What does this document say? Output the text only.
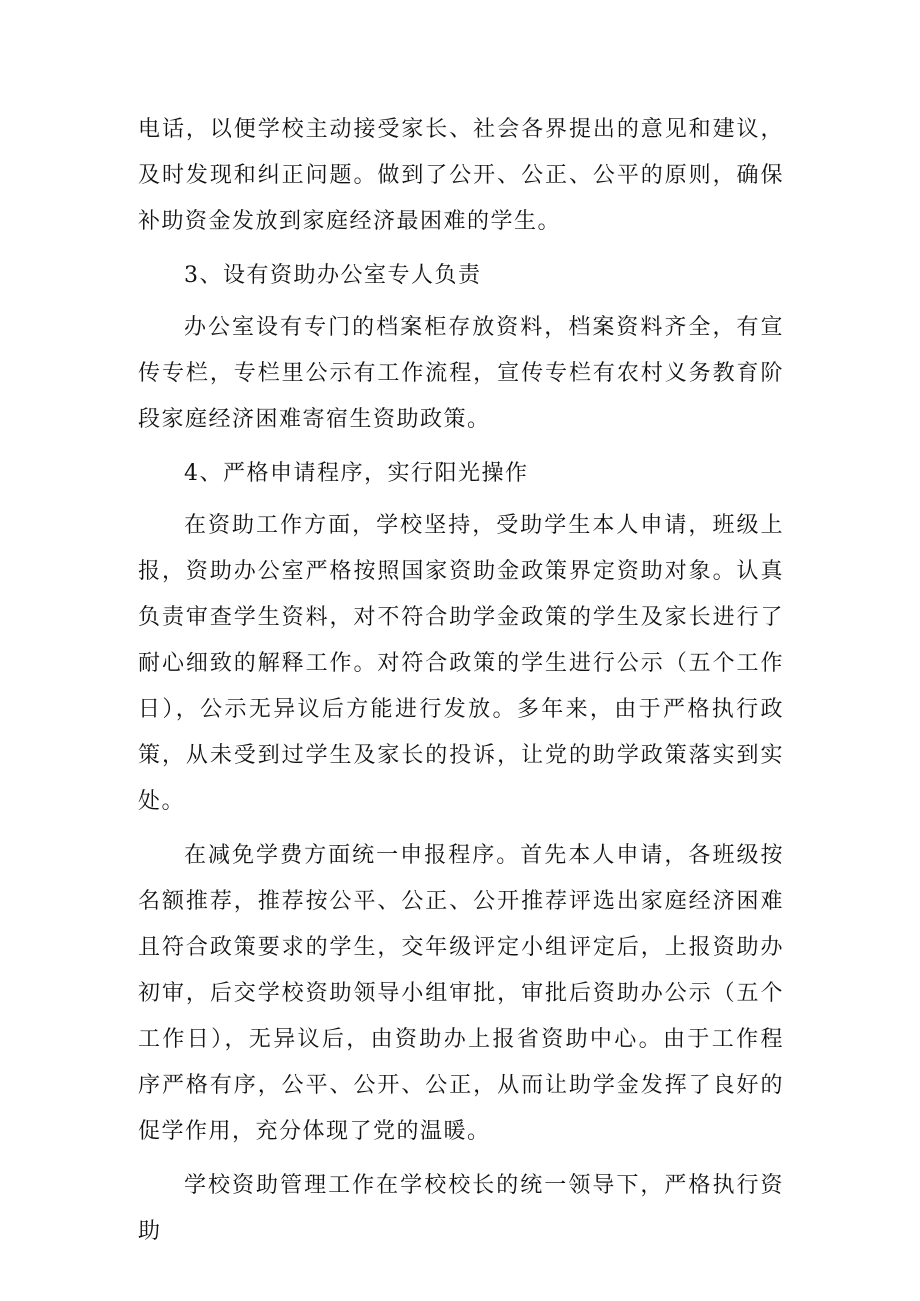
电话，以便学校主动接受家长、社会各界提出的意见和建议，及时发现和纠正问题。做到了公开、公正、公平的原则，确保补助资金发放到家庭经济最困难的学生。

3、设有资助办公室专人负责

办公室设有专门的档案柜存放资料，档案资料齐全，有宣传专栏，专栏里公示有工作流程，宣传专栏有农村义务教育阶段家庭经济困难寄宿生资助政策。

4、严格申请程序，实行阳光操作

在资助工作方面，学校坚持，受助学生本人申请，班级上报，资助办公室严格按照国家资助金政策界定资助对象。认真负责审查学生资料，对不符合助学金政策的学生及家长进行了耐心细致的解释工作。对符合政策的学生进行公示（五个工作日），公示无异议后方能进行发放。多年来，由于严格执行政策，从未受到过学生及家长的投诉，让党的助学政策落实到实处。

在减免学费方面统一申报程序。首先本人申请，各班级按名额推荐，推荐按公平、公正、公开推荐评选出家庭经济困难且符合政策要求的学生，交年级评定小组评定后，上报资助办初审，后交学校资助领导小组审批，审批后资助办公示（五个工作日），无异议后，由资助办上报省资助中心。由于工作程序严格有序，公平、公开、公正，从而让助学金发挥了良好的促学作用，充分体现了党的温暖。

学校资助管理工作在学校校长的统一领导下，严格执行资助
